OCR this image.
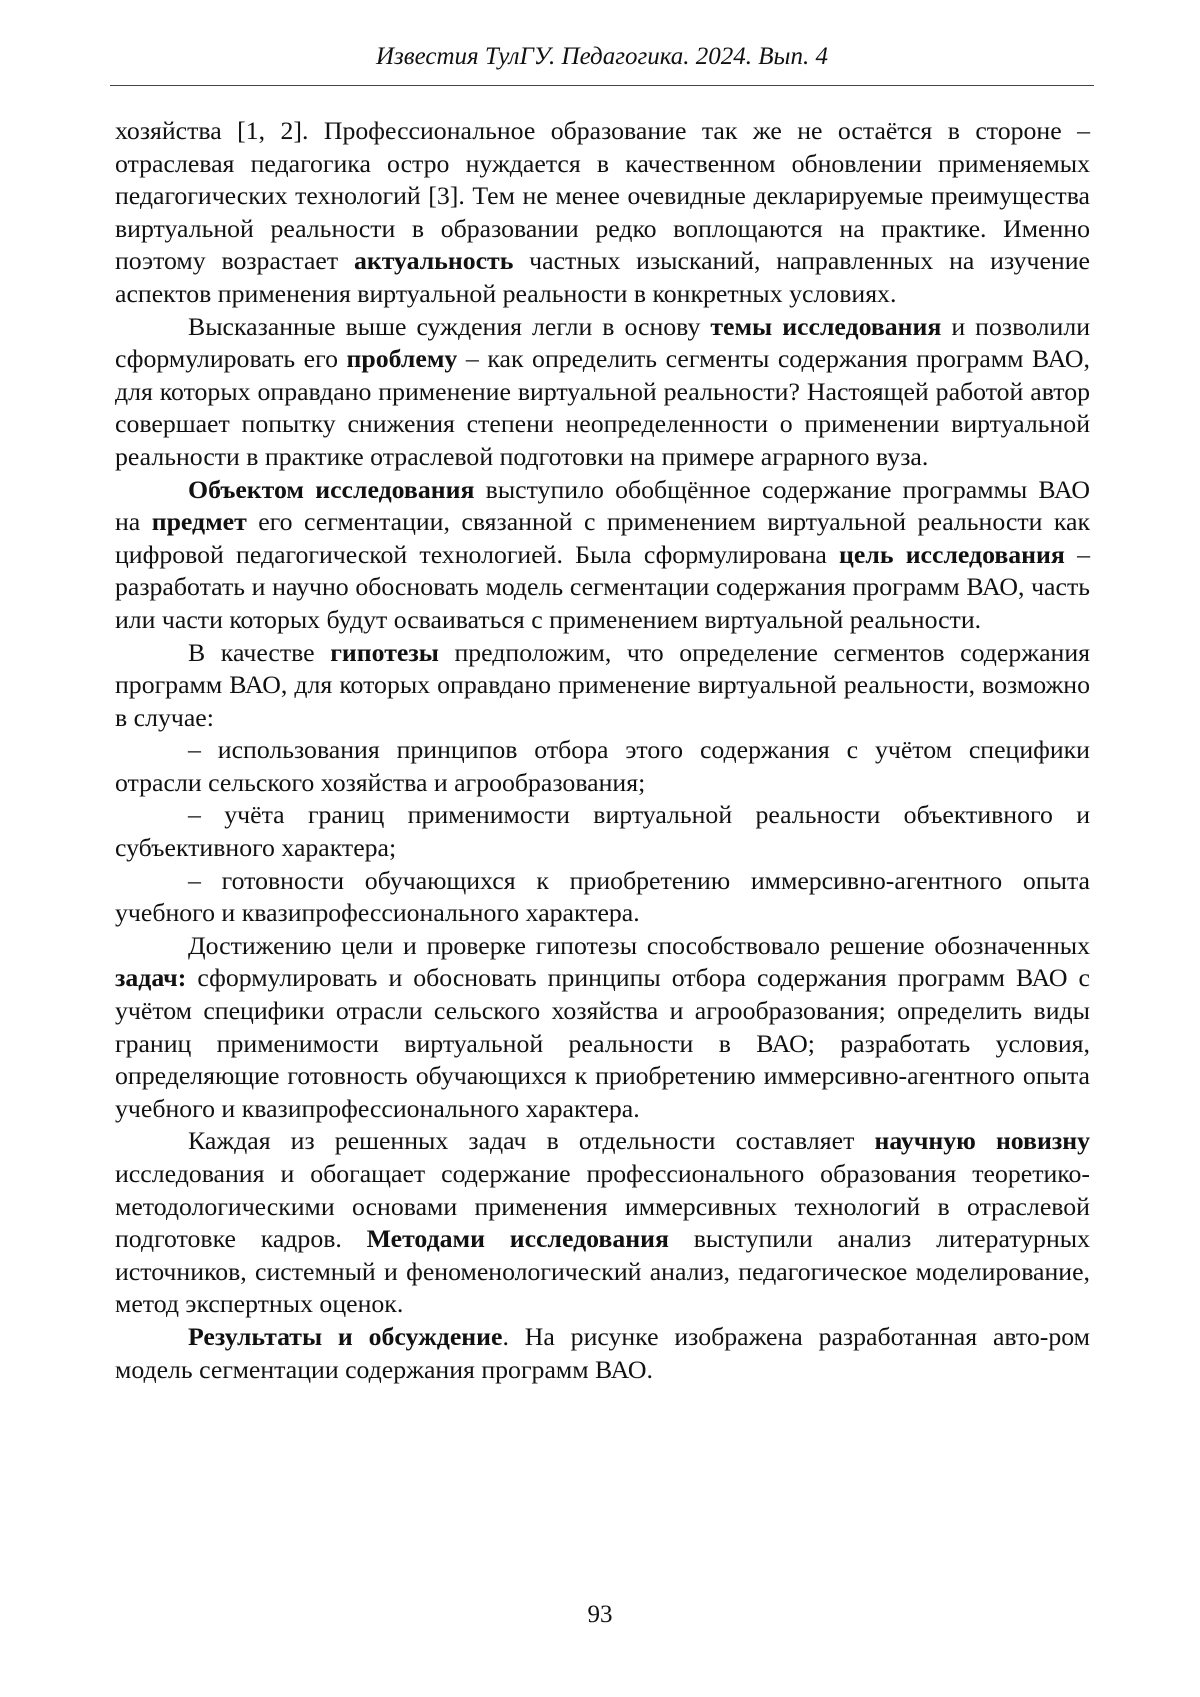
Известия ТулГУ. Педагогика. 2024. Вып. 4

хозяйства [1, 2]. Профессиональное образование так же не остаётся в стороне – отраслевая педагогика остро нуждается в качественном обновлении применяемых педагогических технологий [3]. Тем не менее очевидные декларируемые преимущества виртуальной реальности в образовании редко воплощаются на практике. Именно поэтому возрастает актуальность частных изысканий, направленных на изучение аспектов применения виртуальной реальности в конкретных условиях.

Высказанные выше суждения легли в основу темы исследования и позволили сформулировать его проблему – как определить сегменты содержания программ ВАО, для которых оправдано применение виртуальной реальности? Настоящей работой автор совершает попытку снижения степени неопределенности о применении виртуальной реальности в практике отраслевой подготовки на примере аграрного вуза.

Объектом исследования выступило обобщённое содержание программы ВАО на предмет его сегментации, связанной с применением виртуальной реальности как цифровой педагогической технологией. Была сформулирована цель исследования – разработать и научно обосновать модель сегментации содержания программ ВАО, часть или части которых будут осваиваться с применением виртуальной реальности.

В качестве гипотезы предположим, что определение сегментов содержания программ ВАО, для которых оправдано применение виртуальной реальности, возможно в случае:

– использования принципов отбора этого содержания с учётом специфики отрасли сельского хозяйства и агрообразования;

– учёта границ применимости виртуальной реальности объективного и субъективного характера;

– готовности обучающихся к приобретению иммерсивно-агентного опыта учебного и квазипрофессионального характера.

Достижению цели и проверке гипотезы способствовало решение обозначенных задач: сформулировать и обосновать принципы отбора содержания программ ВАО с учётом специфики отрасли сельского хозяйства и агрообразования; определить виды границ применимости виртуальной реальности в ВАО; разработать условия, определяющие готовность обучающихся к приобретению иммерсивно-агентного опыта учебного и квазипрофессионального характера.

Каждая из решенных задач в отдельности составляет научную новизну исследования и обогащает содержание профессионального образования теоретико-методологическими основами применения иммерсивных технологий в отраслевой подготовке кадров. Методами исследования выступили анализ литературных источников, системный и феноменологический анализ, педагогическое моделирование, метод экспертных оценок.

Результаты и обсуждение. На рисунке изображена разработанная авто-ром модель сегментации содержания программ ВАО.

93
